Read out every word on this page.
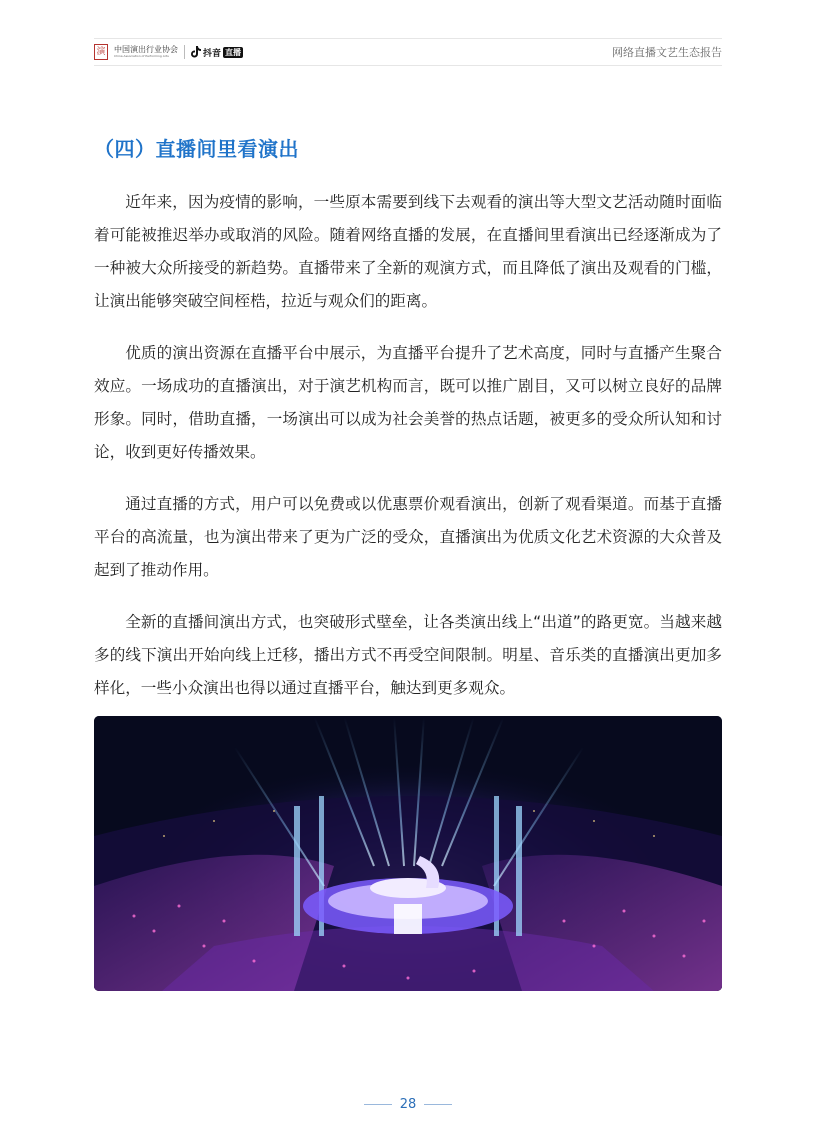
演	中国演出行业协会
China Association of Performing Arts	抖音 直播	网络直播文艺生态报告
（四）直播间里看演出

近年来，因为疫情的影响，一些原本需要到线下去观看的演出等大型文艺活动随时面临着可能被推迟举办或取消的风险。随着网络直播的发展，在直播间里看演出已经逐渐成为了一种被大众所接受的新趋势。直播带来了全新的观演方式，而且降低了演出及观看的门槛，让演出能够突破空间桎梏，拉近与观众们的距离。

优质的演出资源在直播平台中展示，为直播平台提升了艺术高度，同时与直播产生聚合效应。一场成功的直播演出，对于演艺机构而言，既可以推广剧目，又可以树立良好的品牌形象。同时，借助直播，一场演出可以成为社会美誉的热点话题，被更多的受众所认知和讨论，收到更好传播效果。

通过直播的方式，用户可以免费或以优惠票价观看演出，创新了观看渠道。而基于直播平台的高流量，也为演出带来了更为广泛的受众，直播演出为优质文化艺术资源的大众普及起到了推动作用。

全新的直播间演出方式，也突破形式壁垒，让各类演出线上“出道”的路更宽。当越来越多的线下演出开始向线上迁移，播出方式不再受空间限制。明星、音乐类的直播演出更加多样化，一些小众演出也得以通过直播平台，触达到更多观众。

28
